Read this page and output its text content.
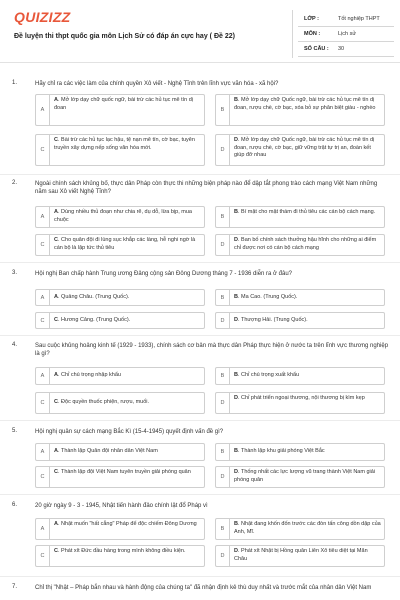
QUIZIZZ
Đề luyện thi thpt quốc gia môn Lịch Sử có đáp án cực hay ( Đề 22)
LỚP :	Tốt nghiệp THPT
MÔN :	Lịch sử
SỐ CÂU : 30
1.	Hãy chỉ ra các việc làm của chính quyền Xô viết - Nghệ Tĩnh trên lĩnh vực văn hóa - xã hội?
A
A. Mở lớp dạy chữ quốc ngữ, bài trừ các hủ tục mê tín dị đoan	B
B. Mở lớp dạy chữ Quốc ngữ, bài trừ các hủ tục mê tín dị đoan, rượu chè, cờ bạc, xóa bỏ sự phân biệt giàu - nghèo
C
C. Bài trừ các hủ tục lạc hậu, tệ nạn mê tín, cờ bạc, tuyên truyền xây dựng nếp sống văn hóa mới.	D
D. Mở lớp dạy chữ Quốc ngữ, bài trừ các hủ tục mê tín dị đoan, rượu chè, cờ bạc, giữ vững trật tự trị an, đoàn kết giúp đỡ nhau
2.	Ngoài chính sách khủng bố, thực dân Pháp còn thực thi những biện pháp nào để dập tắt phong trào cách mạng Việt Nam những năm sau Xô viết Nghệ Tĩnh?
A
A. Dùng nhiều thủ đoạn như chia rẽ, dụ dỗ, lừa bịp, mua chuộc	B
B. Bí mật cho mật thám đi thủ tiêu các cán bộ cách mạng.
C
C. Cho quân đội đi lùng sục khắp các làng, hễ nghi ngờ là cán bộ là lập tức thủ tiêu	D
D. Ban bố chính sách thưởng hậu hĩnh cho những ai điểm chỉ được nơi có cán bộ cách mạng
3.	Hội nghị Ban chấp hành Trung ương Đảng cộng sản Đông Dương tháng 7 - 1936 diễn ra ở đâu?
A	A. Quảng Châu. (Trung Quốc).	B	B. Ma Cao. (Trung Quốc).
C	C. Hương Cảng. (Trung Quốc).	D	D. Thượng Hải. (Trung Quốc).
4.	Sau cuộc khủng hoảng kinh tế (1929 - 1933), chính sách cơ bản mà thực dân Pháp thực hiện ở nước ta trên lĩnh vực thương nghiệp là gì?
A	A. Chỉ chú trọng nhập khẩu	B	B. Chỉ chú trọng xuất khẩu
C	C. Độc quyền thuốc phiện, rượu, muối.	D
D. Chỉ phát triển ngoại thương, nội thương bị kìm kẹp
5.	Hội nghị quân sự cách mạng Bắc Kì (15-4-1945) quyết định vấn đề gì?
A	A. Thành lập Quân đội nhân dân Việt Nam	B	B. Thành lập khu giải phóng Việt Bắc
C
C. Thành lập đội Việt Nam tuyên truyền giải phóng quân
D
D. Thống nhất các lực lượng vũ trang thành Việt Nam giải phóng quân
6.	20 giờ ngày 9 - 3 - 1945, Nhật tiến hành đảo chính lật đổ Pháp vì
A
A. Nhật muốn "hất cẳng" Pháp để độc chiếm Đông Dương
B
B. Nhật đang khốn đốn trước các đòn tấn công dồn dập của Anh, Mĩ.
C
C. Phát xít Đức đầu hàng trong mình không điều kiện.
D
D. Phát xít Nhật bị Hồng quân Liên Xô tiêu diệt tại Mãn Châu
7.	Chỉ thị "Nhật – Pháp bắn nhau và hành động của chúng ta" đã nhận định kẻ thù duy nhất và trước mắt của nhân dân Việt Nam
